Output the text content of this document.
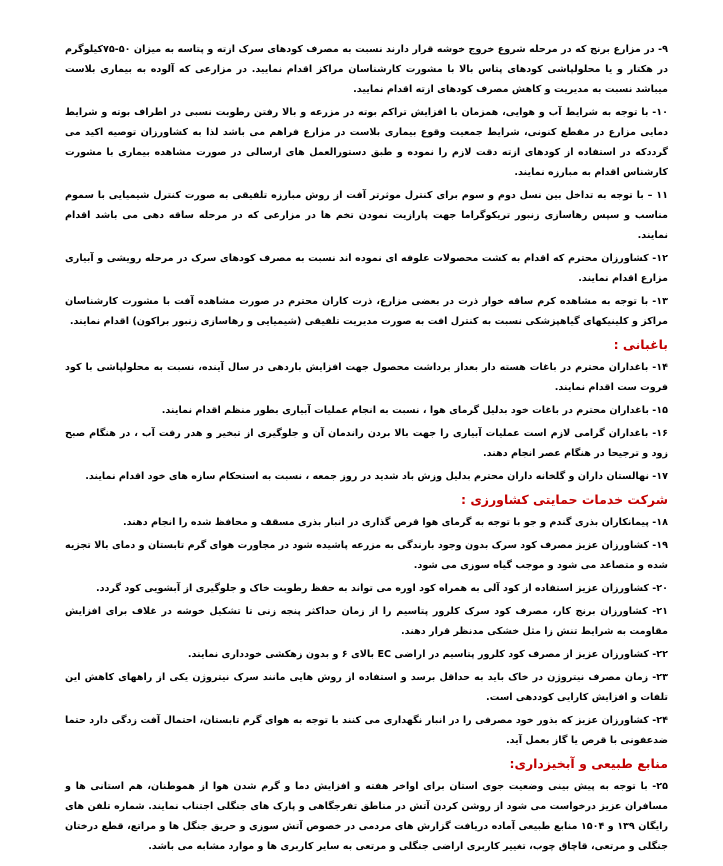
۹- در مزارع برنج که در مرحله شروع خروج خوشه قرار دارند نسبت به مصرف کودهای سرک ازته و پتاسه به میزان ۵۰-۷۵کیلوگرم در هکتار و یا محلولپاشی کودهای پتاس بالا با مشورت کارشناسان مراکز اقدام نمایید. در مزارعی که آلوده به بیماری بلاست میباشد نسبت به مدیریت و کاهش مصرف کودهای ازته اقدام نمایید.

۱۰- با توجه به شرایط آب و هوایی، همزمان با افزایش تراکم بوته در مزرعه و بالا رفتن رطوبت نسبی در اطراف بوته و شرایط دمایی مزارع در مقطع کنونی، شرایط جمعیت وقوع بیماری بلاست در مزارع فراهم می باشد لذا به کشاورزان توصیه اکید می گرددکه در استفاده از کودهای ازته دقت لازم را نموده و طبق دستورالعمل های ارسالی در صورت مشاهده بیماری با مشورت کارشناس اقدام به مبارزه نمایند.

۱۱ – با توجه به تداخل بین نسل دوم و سوم برای کنترل موثرتر آفت از روش مبارزه تلفیقی به صورت کنترل شیمیایی با سموم مناسب و سپس رهاسازی زنبور تریکوگراما جهت پارازیت نمودن تخم ها در مزارعی که در مرحله ساقه دهی می باشد اقدام نمایند.

۱۲- کشاورزان محترم که اقدام به کشت محصولات علوفه ای نموده اند نسبت به مصرف کودهای سرک در مرحله رویشی و آبیاری مزارع اقدام نمایند.

۱۳- با توجه به مشاهده کرم ساقه خوار ذرت در بعضی مزارع، ذرت کاران محترم در صورت مشاهده آفت با مشورت کارشناسان مراکز و کلینیکهای گیاهپزشکی نسبت به کنترل افت به صورت مدیریت تلفیقی (شیمیایی و رهاسازی زنبور براکون) اقدام نمایند.

باغبانی :

۱۴- باغداران محترم در باغات هسته دار بعداز برداشت محصول جهت افزایش باردهی در سال آینده، نسبت به محلولپاشی با کود فروت ست اقدام نمایند.

۱۵- باغداران محترم در باغات خود بدلیل گرمای هوا ، نسبت به انجام عملیات آبیاری بطور منظم اقدام نمایند.

۱۶- باغداران گرامی لازم است عملیات آبیاری را جهت بالا بردن راندمان آن و جلوگیری از تبخیر و هدر رفت آب ، در هنگام صبح زود و ترجیحا در هنگام عصر انجام دهند.

۱۷- نهالستان داران و گلخانه داران محترم بدلیل وزش باد شدید در روز جمعه ، نسبت به استحکام سازه های خود اقدام نمایند.

شرکت خدمات حمایتی کشاورزی :

۱۸- پیمانکاران بذری گندم و جو با توجه به گرمای هوا قرص گذاری در انبار بذری مسقف و محافظ شده را انجام دهند.

۱۹- کشاورزان عزیز مصرف کود سرک بدون وجود بارندگی به مزرعه پاشیده شود در مجاورت هوای گرم تابستان و دمای بالا تجزیه شده و متصاعد می شود و موجب گیاه سوزی می شود.

۲۰- کشاورزان عزیز استفاده از کود آلی به همراه کود اوره می تواند به حفظ رطوبت خاک و جلوگیری از آبشویی کود گردد.

۲۱- کشاورزان برنج کار، مصرف کود سرک کلرور پتاسیم را از زمان حداکثر پنجه زنی تا تشکیل خوشه در غلاف برای افزایش مقاومت به شرایط تنش زا مثل خشکی مدنظر قرار دهند.

۲۲- کشاورزان عزیز از مصرف کود کلرور پتاسیم در اراضی EC بالای ۶ و بدون زهکشی خودداری نمایند.

۲۳- زمان مصرف نیتروژن در خاک باید به حداقل برسد و استفاده از روش هایی مانند سرک نیتروژن یکی از راههای کاهش این تلفات و افزایش کارایی کوددهی است.

۲۴- کشاورزان عزیز که بذور خود مصرفی را در انبار نگهداری می کنند با توجه به هوای گرم تابستان، احتمال آفت زدگی دارد حتما ضدعفونی با قرص یا گاز بعمل آید.

منابع طبیعی و آبخیزداری:

۲۵- با توجه به پیش بینی وضعیت جوی استان برای اواخر هفته و افزایش دما و گرم شدن هوا از هموطنان، هم استانی ها و مسافران عزیز درخواست می شود از روشن کردن آتش در مناطق تفرجگاهی و پارک های جنگلی اجتناب نمایند. شماره تلفن های رایگان ۱۳۹ و ۱۵۰۴ منابع طبیعی آماده دریافت گزارش های مردمی در خصوص آتش سوزی و حریق جنگل ها و مراتع، قطع درختان جنگلی و مرتعی، قاچاق چوب، تغییر کاربری اراضی جنگلی و مرتعی به سایر کاربری ها و موارد مشابه می باشد.
